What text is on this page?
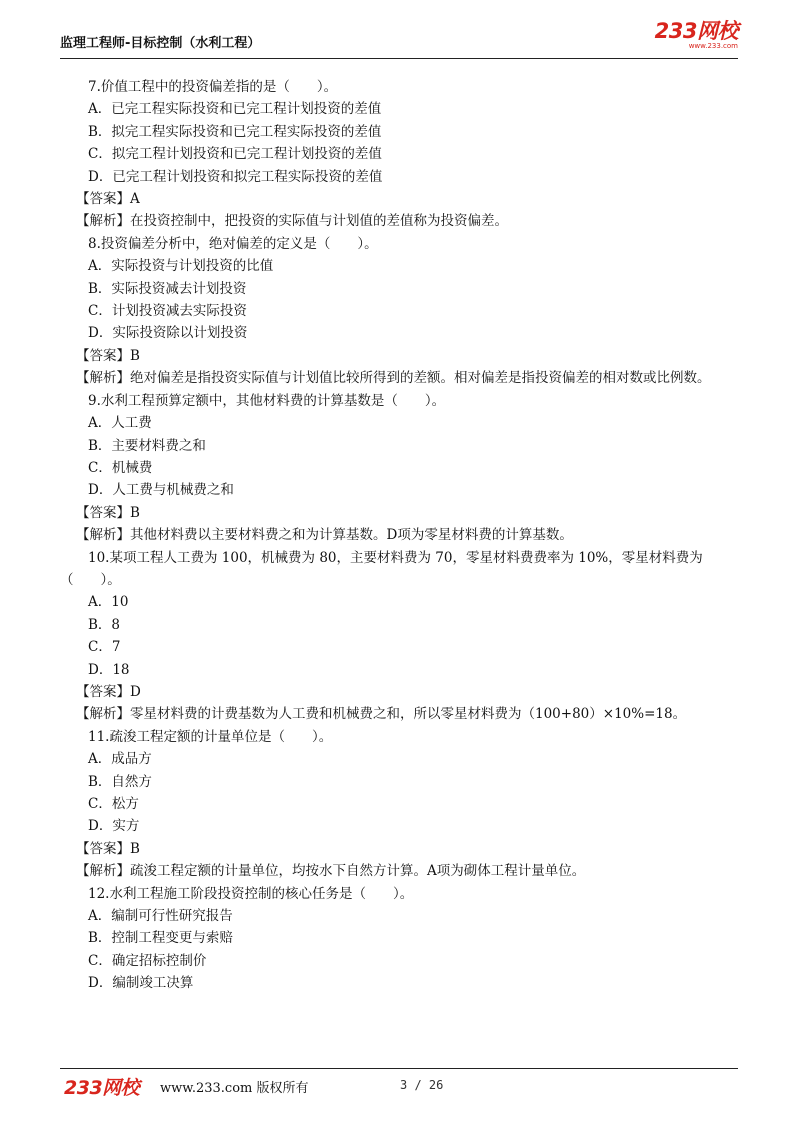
监理工程师-目标控制（水利工程）
233网校
www.233.com
7.价值工程中的投资偏差指的是（　　）。
A．已完工程实际投资和已完工程计划投资的差值
B．拟完工程实际投资和已完工程实际投资的差值
C．拟完工程计划投资和已完工程计划投资的差值
D．已完工程计划投资和拟完工程实际投资的差值
【答案】A
【解析】在投资控制中，把投资的实际值与计划值的差值称为投资偏差。
8.投资偏差分析中，绝对偏差的定义是（　　）。
A．实际投资与计划投资的比值
B．实际投资减去计划投资
C．计划投资减去实际投资
D．实际投资除以计划投资
【答案】B
【解析】绝对偏差是指投资实际值与计划值比较所得到的差额。相对偏差是指投资偏差的相对数或比例数。
9.水利工程预算定额中，其他材料费的计算基数是（　　）。
A．人工费
B．主要材料费之和
C．机械费
D．人工费与机械费之和
【答案】B
【解析】其他材料费以主要材料费之和为计算基数。D项为零星材料费的计算基数。
10.某项工程人工费为 100，机械费为 80，主要材料费为 70，零星材料费费率为 10%，零星材料费为（　　）。
A．10
B．8
C．7
D．18
【答案】D
【解析】零星材料费的计费基数为人工费和机械费之和，所以零星材料费为（100+80）×10%=18。
11.疏浚工程定额的计量单位是（　　）。
A．成品方
B．自然方
C．松方
D．实方
【答案】B
【解析】疏浚工程定额的计量单位，均按水下自然方计算。A项为砌体工程计量单位。
12.水利工程施工阶段投资控制的核心任务是（　　）。
A．编制可行性研究报告
B．控制工程变更与索赔
C．确定招标控制价
D．编制竣工决算
233网校 www.233.com 版权所有	3 / 26
